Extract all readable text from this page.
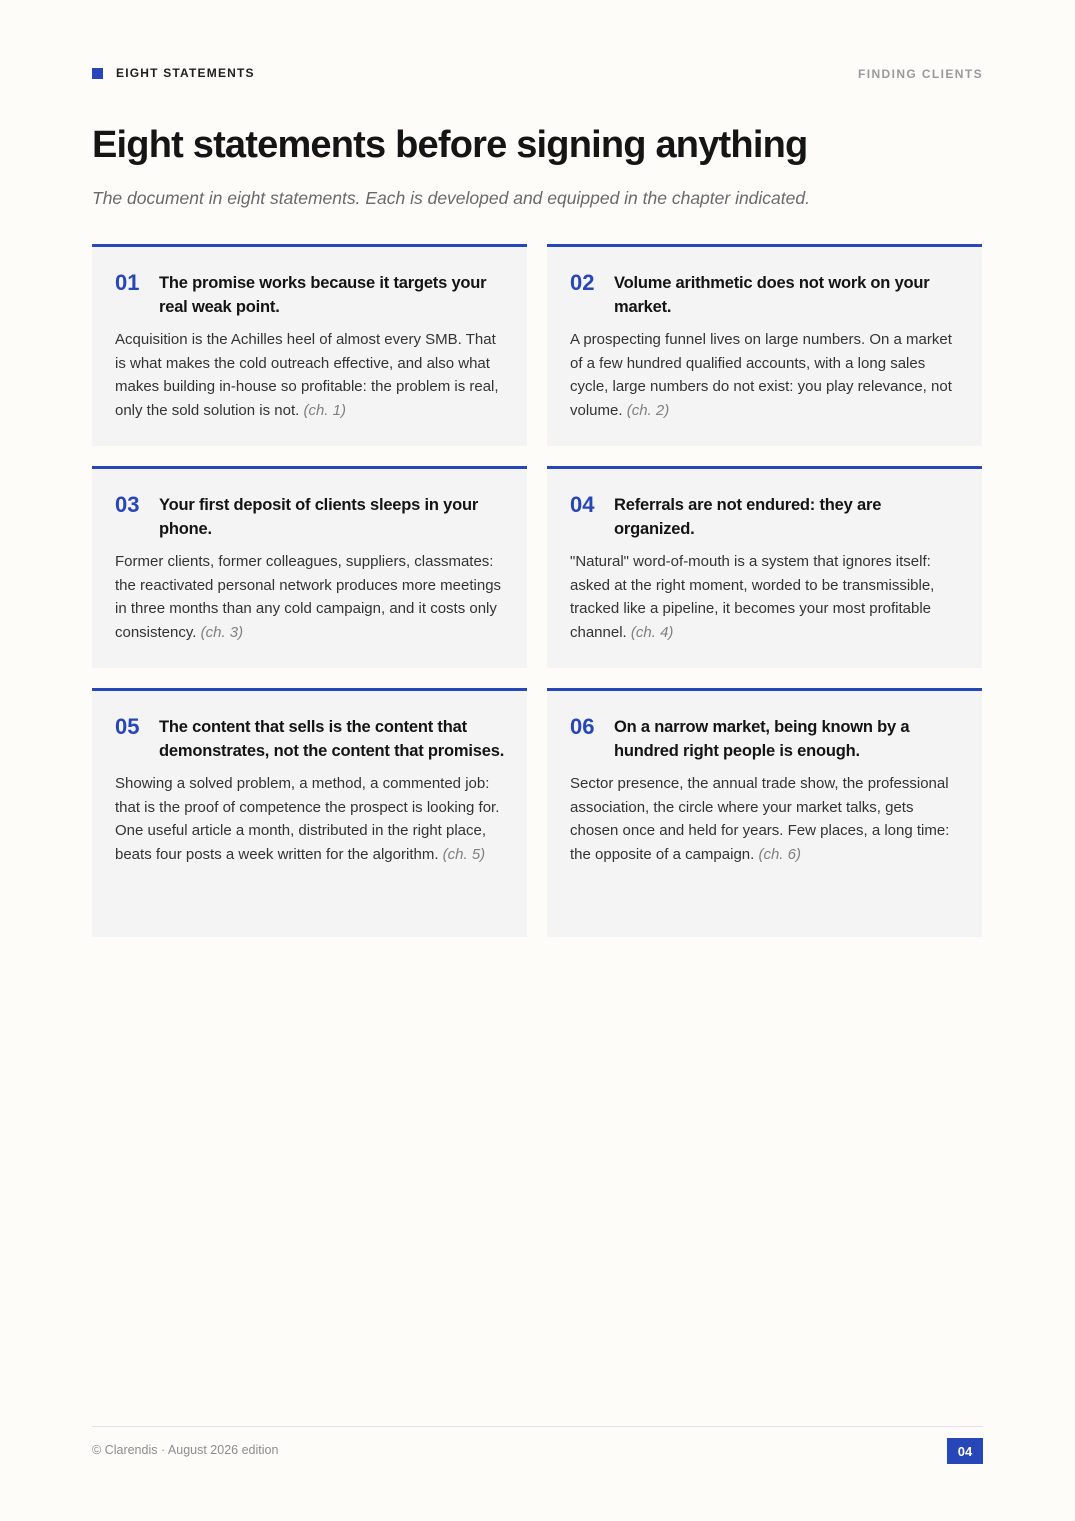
EIGHT STATEMENTS	FINDING CLIENTS
Eight statements before signing anything
The document in eight statements. Each is developed and equipped in the chapter indicated.
01	The promise works because it targets your real weak point.
Acquisition is the Achilles heel of almost every SMB. That is what makes the cold outreach effective, and also what makes building in-house so profitable: the problem is real, only the sold solution is not. (ch. 1)
02	Volume arithmetic does not work on your market.
A prospecting funnel lives on large numbers. On a market of a few hundred qualified accounts, with a long sales cycle, large numbers do not exist: you play relevance, not volume. (ch. 2)
03	Your first deposit of clients sleeps in your phone.
Former clients, former colleagues, suppliers, classmates: the reactivated personal network produces more meetings in three months than any cold campaign, and it costs only consistency. (ch. 3)
04	Referrals are not endured: they are organized.
"Natural" word-of-mouth is a system that ignores itself: asked at the right moment, worded to be transmissible, tracked like a pipeline, it becomes your most profitable channel. (ch. 4)
05	The content that sells is the content that demonstrates, not the content that promises.
Showing a solved problem, a method, a commented job: that is the proof of competence the prospect is looking for. One useful article a month, distributed in the right place, beats four posts a week written for the algorithm. (ch. 5)
06	On a narrow market, being known by a hundred right people is enough.
Sector presence, the annual trade show, the professional association, the circle where your market talks, gets chosen once and held for years. Few places, a long time: the opposite of a campaign. (ch. 6)
© Clarendis · August 2026 edition	04
